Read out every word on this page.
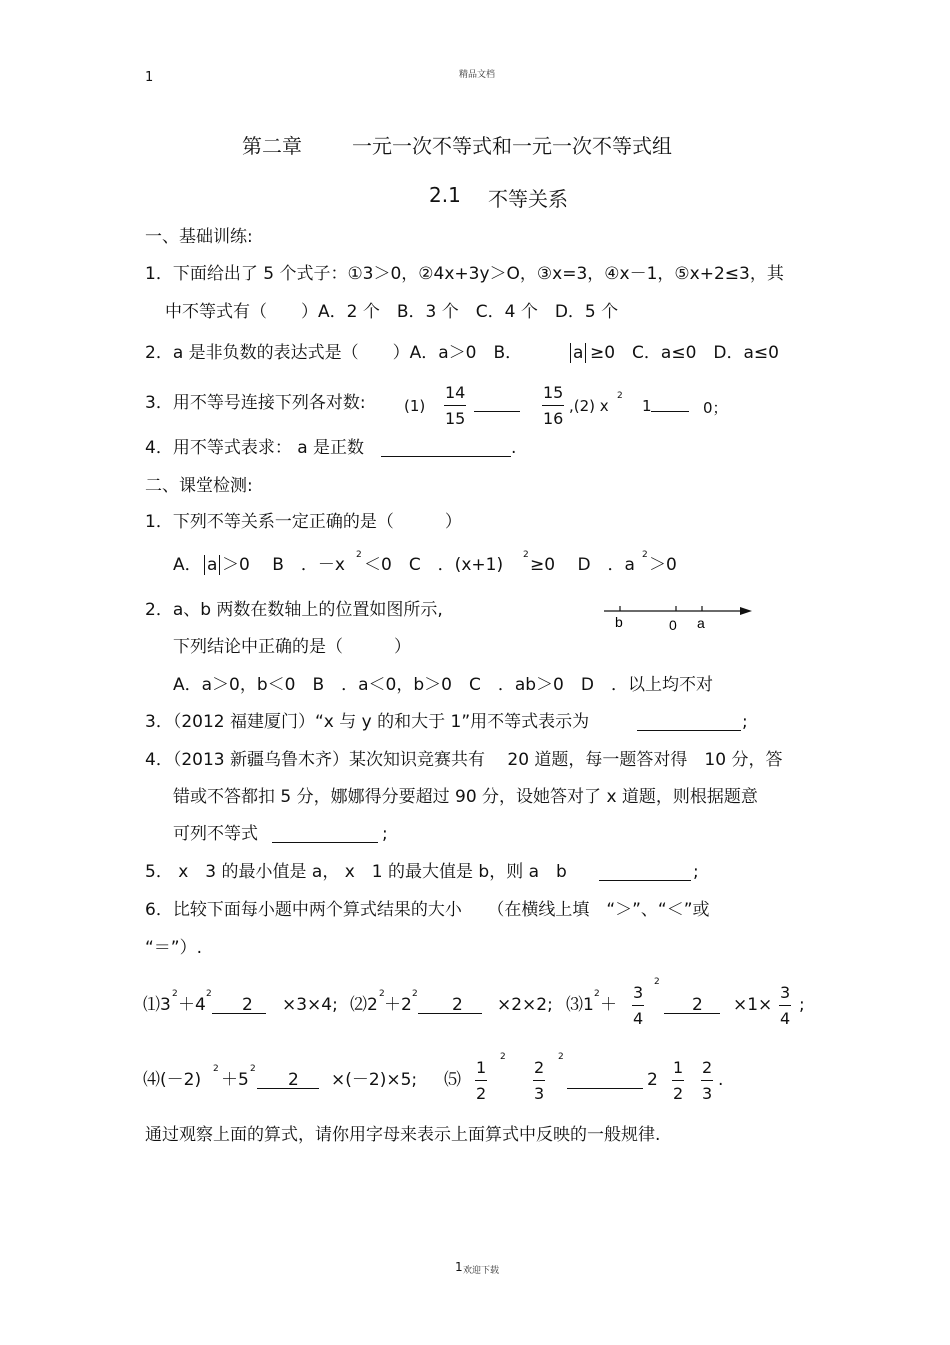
1	精品文档
第二章	一元一次不等式和一元一次不等式组
2.1 不等关系
一、基础训练:
1．下面给出了 5 个式子：①3＞0，②4x+3y＞O，③x=3，④x－1，⑤x+2≤3，其
中不等式有（　　）A．2 个　B．3 个　C．4 个　D．5 个
2．a 是非负数的表达式是（　　）A．a＞0　B．	a ≥0　C．a≤0　D．a≤0
3．用不等号连接下列各对数:	$(1) \frac{14}{15}$	$\frac{15}{16} ,(2)$ x
2
1	0；
4．用不等式表求： a 是正数	.
二、课堂检测:
1．下列不等关系一定正确的是（　　　）
A． a ＞0　 B　．－x 2 ＜0　C　．(x+1) 2 ≥0　 D　．a 2 ＞0
2．a、b 两数在数轴上的位置如图所示,
下列结论中正确的是（　　　）
b	0 a
A．a＞0，b＜0　B　．a＜0，b＞0　C　．ab＞0　D　．以上均不对
3．（2012 福建厦门）“x 与 y 的和大于 1”用不等式表示为	;
4．（2013 新疆乌鲁木齐）某次知识竞赛共有　 20 道题，每一题答对得　10 分，答
错或不答都扣 5 分，娜娜得分要超过 90 分，设她答对了 x 道题，则根据题意
可列不等式	;
5． x　3 的最小值是 a， x　1 的最大值是 b，则 a　b	;
6．比较下面每小题中两个算式结果的大小　　（在横线上填　“＞”、“＜”或
“＝”）.
⑴3
2
＋4
2
2 ×3×4; ⑵2
2
＋2
2
2 ×2×2; ⑶1
2
＋ $\frac{3}{4}$
2
$2 \times 1\times \frac{3}{4}$ ;
⑷(－2)
2
＋5
2
2 ×(－2)×5; ⑸ $\frac{1}{2}$
2
$\frac{2}{3}$
2
$2 \frac{1}{2} \frac{2}{3}$ .
通过观察上面的算式，请你用字母来表示上面算式中反映的一般规律.
1 欢迎下载
